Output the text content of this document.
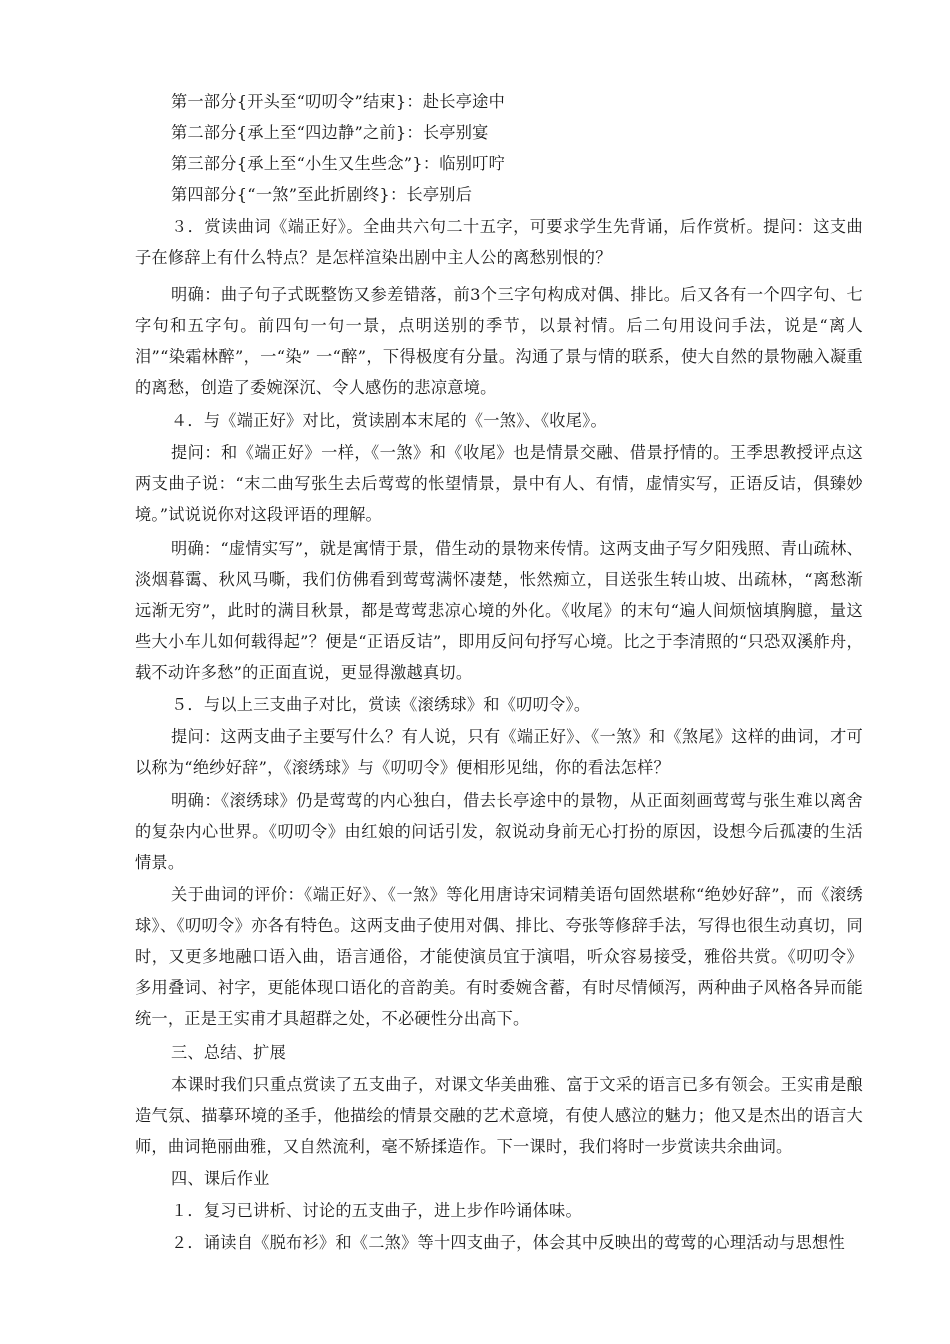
第一部分{开头至“叨叨令”结束}：赴长亭途中

第二部分{承上至“四边静”之前}：长亭别宴

第三部分{承上至“小生又生些念”}：临别叮咛

第四部分{“一煞”至此折剧终}：长亭别后

３．赏读曲词《端正好》。全曲共六句二十五字，可要求学生先背诵，后作赏析。提问：这支曲子在修辞上有什么特点？是怎样渲染出剧中主人公的离愁别恨的？

明确：曲子句子式既整饬又参差错落，前3个三字句构成对偶、排比。后又各有一个四字句、七字句和五字句。前四句一句一景，点明送别的季节，以景衬情。后二句用设问手法，说是“离人泪”“染霜林醉”，一“染” 一“醉”，下得极度有分量。沟通了景与情的联系，使大自然的景物融入凝重的离愁，创造了委婉深沉、令人感伤的悲凉意境。

４．与《端正好》对比，赏读剧本末尾的《一煞》、《收尾》。

提问：和《端正好》一样，《一煞》和《收尾》也是情景交融、借景抒情的。王季思教授评点这两支曲子说：“末二曲写张生去后莺莺的怅望情景，景中有人、有情，虚情实写，正语反诘，俱臻妙境。”试说说你对这段评语的理解。

明确：“虚情实写”，就是寓情于景，借生动的景物来传情。这两支曲子写夕阳残照、青山疏林、淡烟暮霭、秋风马嘶，我们仿佛看到莺莺满怀凄楚，怅然痴立，目送张生转山坡、出疏林，“离愁渐远渐无穷”，此时的满目秋景，都是莺莺悲凉心境的外化。《收尾》的末句“遍人间烦恼填胸臆，量这些大小车儿如何载得起”？便是“正语反诘”，即用反问句抒写心境。比之于李清照的“只恐双溪舴舟，载不动许多愁”的正面直说，更显得激越真切。

５．与以上三支曲子对比，赏读《滚绣球》和《叨叨令》。

提问：这两支曲子主要写什么？有人说，只有《端正好》、《一煞》和《煞尾》这样的曲词，才可以称为“绝纱好辞”，《滚绣球》与《叨叨令》便相形见绌，你的看法怎样？

明确：《滚绣球》仍是莺莺的内心独白，借去长亭途中的景物，从正面刻画莺莺与张生难以离舍的复杂内心世界。《叨叨令》由红娘的问话引发，叙说动身前无心打扮的原因，设想今后孤凄的生活情景。

关于曲词的评价：《端正好》、《一煞》等化用唐诗宋词精美语句固然堪称“绝妙好辞”，而《滚绣球》、《叨叨令》亦各有特色。这两支曲子使用对偶、排比、夸张等修辞手法，写得也很生动真切，同时，又更多地融口语入曲，语言通俗，才能使演员宜于演唱，听众容易接受，雅俗共赏。《叨叨令》多用叠词、衬字，更能体现口语化的音韵美。有时委婉含蓄，有时尽情倾泻，两种曲子风格各异而能统一，正是王实甫才具超群之处，不必硬性分出高下。

三、总结、扩展

本课时我们只重点赏读了五支曲子，对课文华美曲雅、富于文采的语言已多有领会。王实甫是酿造气氛、描摹环境的圣手，他描绘的情景交融的艺术意境，有使人感泣的魅力；他又是杰出的语言大师，曲词艳丽曲雅，又自然流利，毫不矫揉造作。下一课时，我们将时一步赏读共余曲词。

四、课后作业

１．复习已讲析、讨论的五支曲子，进上步作吟诵体味。

２．诵读自《脱布衫》和《二煞》等十四支曲子，体会其中反映出的莺莺的心理活动与思想性
